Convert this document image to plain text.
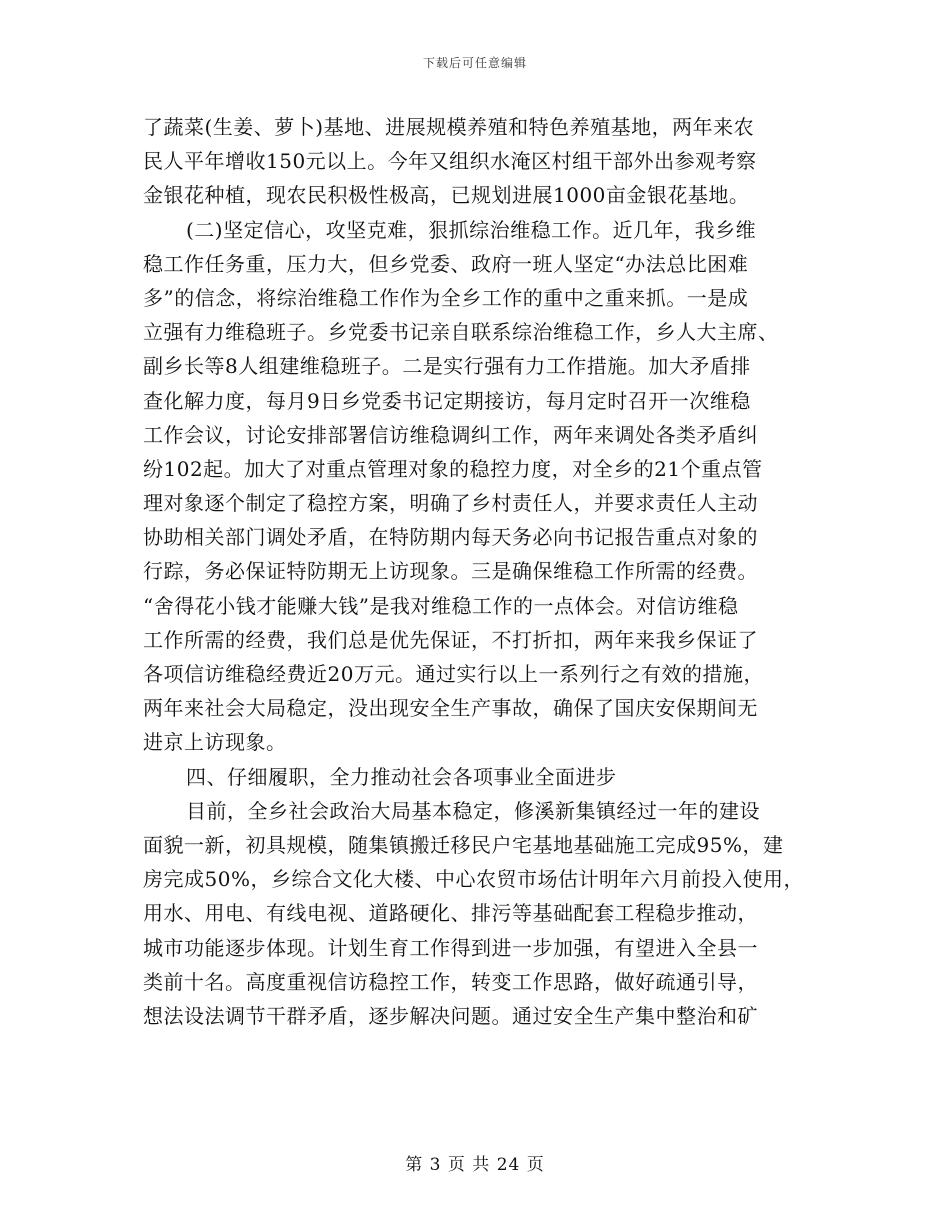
下载后可任意编辑
了蔬菜(生姜、萝卜)基地、进展规模养殖和特色养殖基地，两年来农
民人平年增收150元以上。今年又组织水淹区村组干部外出参观考察
金银花种植，现农民积极性极高，已规划进展1000亩金银花基地。
(二)坚定信心，攻坚克难，狠抓综治维稳工作。近几年，我乡维
稳工作任务重，压力大，但乡党委、政府一班人坚定“办法总比困难
多”的信念，将综治维稳工作作为全乡工作的重中之重来抓。一是成
立强有力维稳班子。乡党委书记亲自联系综治维稳工作，乡人大主席、
副乡长等8人组建维稳班子。二是实行强有力工作措施。加大矛盾排
查化解力度，每月9日乡党委书记定期接访，每月定时召开一次维稳
工作会议，讨论安排部署信访维稳调纠工作，两年来调处各类矛盾纠
纷102起。加大了对重点管理对象的稳控力度，对全乡的21个重点管
理对象逐个制定了稳控方案，明确了乡村责任人，并要求责任人主动
协助相关部门调处矛盾，在特防期内每天务必向书记报告重点对象的
行踪，务必保证特防期无上访现象。三是确保维稳工作所需的经费。
“舍得花小钱才能赚大钱”是我对维稳工作的一点体会。对信访维稳
工作所需的经费，我们总是优先保证，不打折扣，两年来我乡保证了
各项信访维稳经费近20万元。通过实行以上一系列行之有效的措施，
两年来社会大局稳定，没出现安全生产事故，确保了国庆安保期间无
进京上访现象。
四、仔细履职，全力推动社会各项事业全面进步
目前，全乡社会政治大局基本稳定，修溪新集镇经过一年的建设
面貌一新，初具规模，随集镇搬迁移民户宅基地基础施工完成95%，建
房完成50%，乡综合文化大楼、中心农贸市场估计明年六月前投入使用，
用水、用电、有线电视、道路硬化、排污等基础配套工程稳步推动，
城市功能逐步体现。计划生育工作得到进一步加强，有望进入全县一
类前十名。高度重视信访稳控工作，转变工作思路，做好疏通引导，
想法设法调节干群矛盾，逐步解决问题。通过安全生产集中整治和矿
第 3 页 共 24 页
